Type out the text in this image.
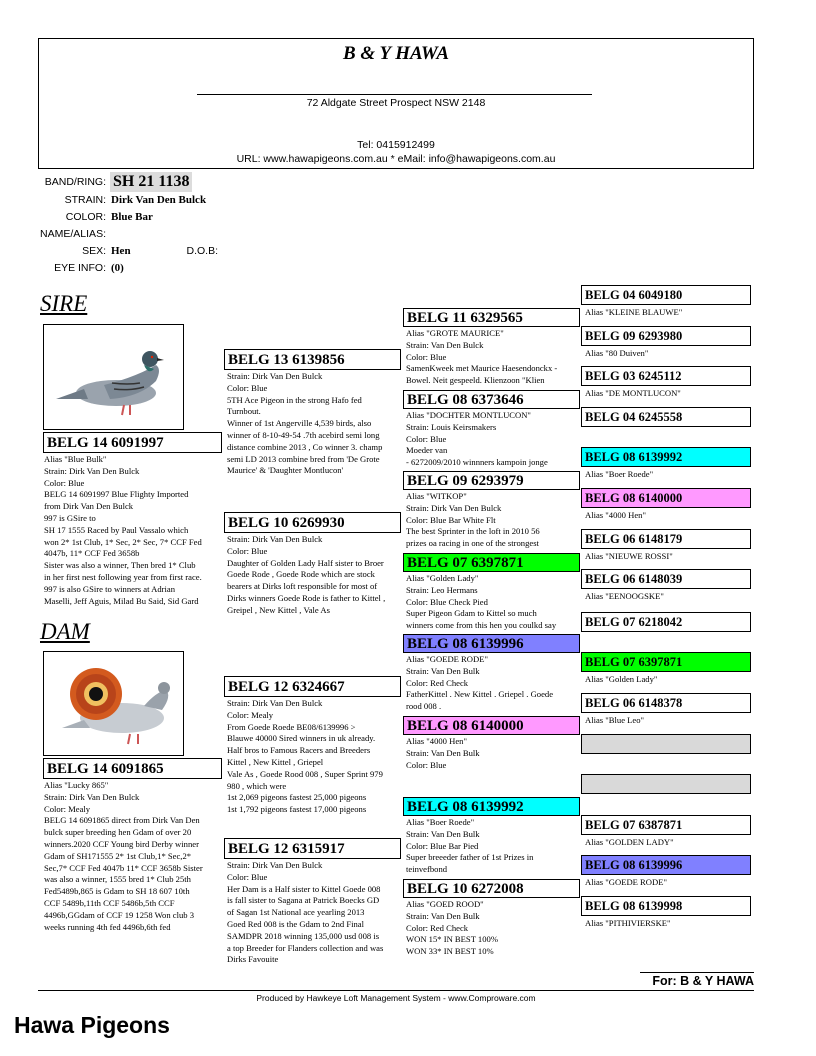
B & Y HAWA
72 Aldgate Street Prospect NSW 2148
Tel: 0415912499
URL: www.hawapigeons.com.au * eMail: info@hawapigeons.com.au
BAND/RING: SH 21 1138
STRAIN: Dirk Van Den Bulck
COLOR: Blue Bar
NAME/ALIAS:
SEX: Hen	D.O.B:
EYE INFO: (0)
SIRE
BELG 14 6091997
Alias "Blue Bulk"
Strain: Dirk Van Den Bulck
Color: Blue
BELG 14 6091997 Blue Flighty Imported
from Dirk Van Den Bulck
997 is GSire to
SH 17 1555 Raced by Paul Vassalo which
won 2* 1st Club, 1* Sec, 2* Sec, 7* CCF Fed
4047b, 11* CCF Fed 3658b
Sister was also a winner, Then bred 1* Club
in her first nest following year from first race.
997 is also GSire to winners at Adrian
Maselli, Jeff Aguis, Milad Bu Said, Sid Gard
DAM
BELG 14 6091865
Alias "Lucky 865"
Strain: Dirk Van Den Bulck
Color: Mealy
BELG 14 6091865 direct from Dirk Van Den
bulck super breeding hen Gdam of over 20
winners.2020 CCF Young bird Derby winner
Gdam of SH171555 2* 1st Club,1* Sec,2*
Sec,7* CCF Fed 4047b 11* CCF 3658b Sister
was also a winner, 1555 bred 1* Club 25th
Fed5489b,865 is Gdam to SH 18 607 10th
CCF 5489b,11th CCF 5486b,5th CCF
4496b,GGdam of CCF 19 1258 Won club 3
weeks running 4th fed 4496b,6th fed
BELG 13 6139856
Strain: Dirk Van Den Bulck
Color: Blue
5TH Ace Pigeon in the strong Hafo fed
Turnbout.
Winner of 1st Angerville 4,539 birds, also
winner of 8-10-49-54 .7th acebird semi long
distance combine 2013 , Co winner 3. champ
semi LD 2013 combine bred from 'De Grote
Maurice' & 'Daughter Montlucon'
BELG 10 6269930
Strain: Dirk Van Den Bulck
Color: Blue
Daughter of Golden Lady Half sister to Broer
Goede Rode , Goede Rode which are stock
bearers at Dirks loft responsible for most of
Dirks winners Goede Rode is father to Kittel ,
Greipel , New Kittel , Vale As
BELG 12 6324667
Strain: Dirk Van Den Bulck
Color: Mealy
From Goede Roede BE08/6139996 >
Blauwe 40000 Sired winners in uk already.
Half bros to Famous Racers and Breeders
Kittel , New Kittel , Griepel
Vale As , Goede Rood 008 , Super Sprint 979
980 , which were
1st 2,069 pigeons fastest 25,000 pigeons
1st 1,792 pigeons fastest 17,000 pigeons
BELG 12 6315917
Strain: Dirk Van Den Bulck
Color: Blue
Her Dam is a Half sister to Kittel Goede 008
is fall sister to Sagana at Patrick Boecks GD
of Sagan 1st National ace yearling 2013
Goed Red 008 is the Gdam to 2nd Final
SAMDPR 2018 winning 135,000 usd 008 is
a top Breeder for Flanders collection and was
Dirks Favouite
BELG 11 6329565
Alias "GROTE MAURICE"
Strain: Van Den Bulck
Color: Blue
SamenKweek met Maurice Haesendonckx -
Bowel. Neit gespeeld. Klienzoon "Klien
BELG 08 6373646
Alias "DOCHTER MONTLUCON"
Strain: Louis Keirsmakers
Color: Blue
Moeder van
- 6272009/2010 winnners kampoin jonge
BELG 09 6293979
Alias "WITKOP"
Strain: Dirk Van Den Bulck
Color: Blue Bar White Flt
The best Sprinter in the loft in 2010 56
prizes oa racing in one of the strongest
BELG 07 6397871
Alias "Golden Lady"
Strain: Leo Hermans
Color: Blue Check Pied
Super Pigeon Gdam to Kittel so much
winners come from this hen you coulkd say
BELG 08 6139996
Alias "GOEDE RODE"
Strain: Van Den Bulk
Color: Red Check
FatherKittel . New Kittel . Griepel . Goede
rood 008 .
BELG 08 6140000
Alias "4000 Hen"
Strain: Van Den Bulk
Color: Blue
BELG 08 6139992
Alias "Boer Roede"
Strain: Van Den Bulk
Color: Blue Bar Pied
Super breeeder father of 1st Prizes in
teinvefbond
BELG 10 6272008
Alias "GOED ROOD"
Strain: Van Den Bulk
Color: Red Check
WON 15* IN BEST 100%
WON 33* IN BEST 10%
BELG 04 6049180
Alias "KLEINE BLAUWE"
BELG 09 6293980
Alias "80 Duiven"
BELG 03 6245112
Alias "DE MONTLUCON"
BELG 04 6245558
BELG 08 6139992
Alias "Boer Roede"
BELG 08 6140000
Alias "4000 Hen"
BELG 06 6148179
Alias "NIEUWE ROSSI"
BELG 06 6148039
Alias "EENOOGSKE"
BELG 07 6218042
BELG 07 6397871
Alias "Golden Lady"
BELG 06 6148378
Alias "Blue Leo"
BELG 07 6387871
Alias "GOLDEN LADY"
BELG 08 6139996
Alias "GOEDE RODE"
BELG 08 6139998
Alias "PITHIVIERSKE"
For: B & Y HAWA
Produced by Hawkeye Loft Management System - www.Comproware.com
Hawa Pigeons
